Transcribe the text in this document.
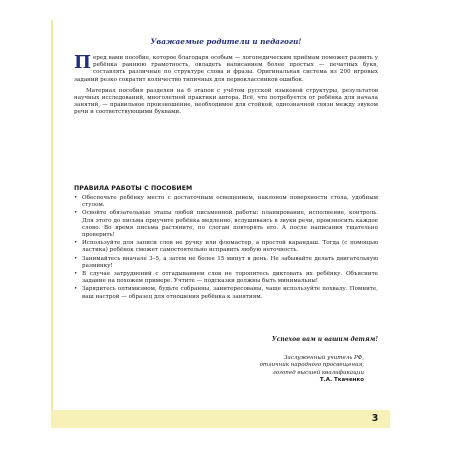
Уважаемые родители и педагоги!

Перед вами пособие, которое благодаря особым — логопедическим приёмам поможет развить у ребёнка раннюю грамотность, овладеть написанием более простых — печатных букв, составлять различные по структуре слова и фразы. Оригинальная система из 200 игровых заданий резко сократит количество типичных для первоклассников ошибок.

Материал пособия разделен на 6 этапов с учётом русской языковой структуры, результатов научных исследований, многолетней практики автора. Всё, что потребуется от ребёнка для начала занятий, — правильное произношение, необходимое для стойкой, однозначной связи между звуком речи и соответствующими буквами.

ПРАВИЛА РАБОТЫ С ПОСОБИЕМ
• Обеспечьте ребёнку место с достаточным освещением, наклоном поверхности стола, удобным стулом.
• Освойте обязательные этапы любой письменной работы: планирование, исполнение, контроль. Для этого до письма приучите ребёнка медленно, вслушиваясь в звуки речи, произносить каждое слово. Во время письма растяните, по слогам повторять его. А после написания тщательно проверить!
• Используйте для записи слов не ручку или фломастер, а простой карандаш. Тогда (с помощью ластика) ребёнок сможет самостоятельно исправить любую неточность.
• Занимайтесь вначале 3–5, а затем не более 15 минут в день. Не забывайте делать двигательную разминку!
• В случае затруднений с отгадыванием слов не торопитесь диктовать их ребёнку. Объясните задание на похожем примере. Учтите — подсказки должны быть минимальны!
• Зарядитесь оптимизмом, будьте собранны, заинтересованы, чаще используйте похвалу. Помните, ваш настрой — образец для отношения ребёнка к занятиям.
Успехов вам и вашим детям!
Заслуженный учитель РФ,
отличник народного просвещения,
логопед высшей квалификации
Т.А. Ткаченко
3
